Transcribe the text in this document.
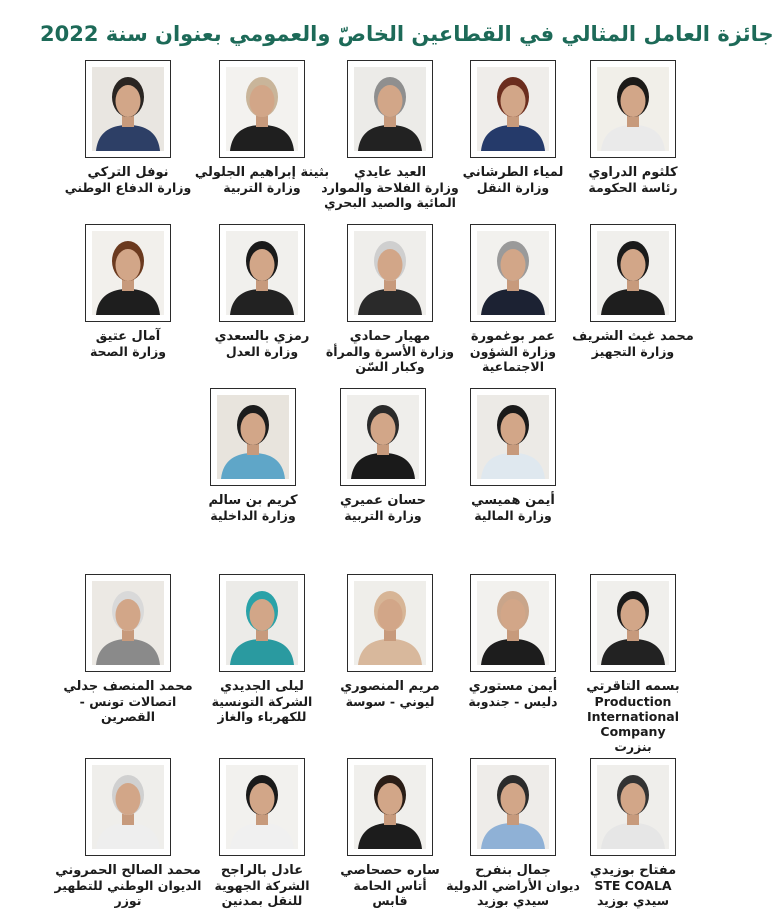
جائزة العامل المثالي في القطاعين الخاصّ والعمومي بعنوان سنة 2022
كلثوم الدراوي
رئاسة الحكومة
لمياء الطرشاني
وزارة النقل
العيد عايدي
وزارة الفلاحة والموارد
المائية والصيد البحري
بثينة إبراهيم الجلولي
وزارة التربية
نوفل التركي
وزارة الدفاع الوطني
محمد غيث الشريف
وزارة التجهيز
عمر بوغمورة
وزارة الشؤون
الاجتماعية
مهيار حمادي
وزارة الأسرة والمرأة
وكبار السّن
رمزي بالسعدي
وزارة العدل
آمال عتيق
وزارة الصحة
أيمن هميسي
وزارة المالية
حسان عميري
وزارة التربية
كريم بن سالم
وزارة الداخلية
بسمه التاقرتي
Production
International Company
بنزرت
أيمن مستوري
دليس - جندوبة
مريم المنصوري
ليوني - سوسة
ليلى الجديدي
الشركة التونسية
للكهرباء والغاز
محمد المنصف جدلي
اتصالات تونس -
القصرين
مفتاح بوزيدي
STE COALA
سيدي بوزيد
جمال بنفرح
ديوان الأراضي الدولية
سيدي بوزيد
ساره حصحاصي
أتاس الحامة
قابس
عادل بالراجح
الشركة الجهوية
للنقل بمدنين
محمد الصالح الحمروني
الديوان الوطني للتطهير
توزر
